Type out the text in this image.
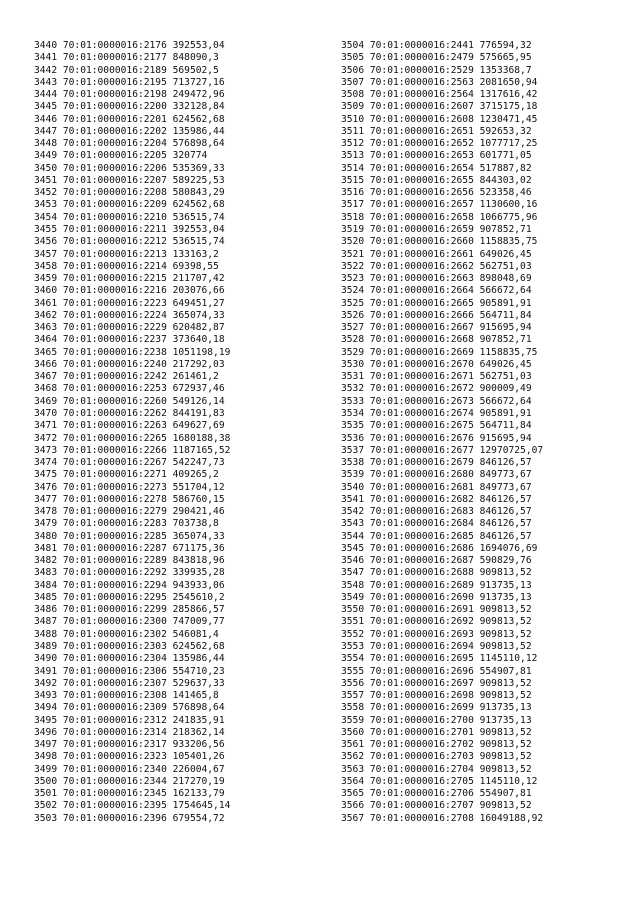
3440 70:01:0000016:2176 392553,04
3441 70:01:0000016:2177 848090,3
3442 70:01:0000016:2189 569502,5
3443 70:01:0000016:2195 713727,16
3444 70:01:0000016:2198 249472,96
3445 70:01:0000016:2200 332128,84
3446 70:01:0000016:2201 624562,68
3447 70:01:0000016:2202 135986,44
3448 70:01:0000016:2204 576898,64
3449 70:01:0000016:2205 320774
3450 70:01:0000016:2206 535369,33
3451 70:01:0000016:2207 589225,53
3452 70:01:0000016:2208 580843,29
3453 70:01:0000016:2209 624562,68
3454 70:01:0000016:2210 536515,74
3455 70:01:0000016:2211 392553,04
3456 70:01:0000016:2212 536515,74
3457 70:01:0000016:2213 133163,2
3458 70:01:0000016:2214 69398,55
3459 70:01:0000016:2215 211707,42
3460 70:01:0000016:2216 203076,66
3461 70:01:0000016:2223 649451,27
3462 70:01:0000016:2224 365074,33
3463 70:01:0000016:2229 620482,87
3464 70:01:0000016:2237 373640,18
3465 70:01:0000016:2238 1051198,19
3466 70:01:0000016:2240 217292,03
3467 70:01:0000016:2242 261461,2
3468 70:01:0000016:2253 672937,46
3469 70:01:0000016:2260 549126,14
3470 70:01:0000016:2262 844191,83
3471 70:01:0000016:2263 649627,69
3472 70:01:0000016:2265 1680188,38
3473 70:01:0000016:2266 1187165,52
3474 70:01:0000016:2267 542247,73
3475 70:01:0000016:2271 409265,2
3476 70:01:0000016:2273 551704,12
3477 70:01:0000016:2278 586760,15
3478 70:01:0000016:2279 290421,46
3479 70:01:0000016:2283 703738,8
3480 70:01:0000016:2285 365074,33
3481 70:01:0000016:2287 671175,36
3482 70:01:0000016:2289 843818,96
3483 70:01:0000016:2292 339935,28
3484 70:01:0000016:2294 943933,06
3485 70:01:0000016:2295 2545610,2
3486 70:01:0000016:2299 285866,57
3487 70:01:0000016:2300 747009,77
3488 70:01:0000016:2302 546081,4
3489 70:01:0000016:2303 624562,68
3490 70:01:0000016:2304 135986,44
3491 70:01:0000016:2306 554710,23
3492 70:01:0000016:2307 529637,33
3493 70:01:0000016:2308 141465,8
3494 70:01:0000016:2309 576898,64
3495 70:01:0000016:2312 241835,91
3496 70:01:0000016:2314 218362,14
3497 70:01:0000016:2317 933206,56
3498 70:01:0000016:2323 105401,26
3499 70:01:0000016:2340 226004,67
3500 70:01:0000016:2344 217270,19
3501 70:01:0000016:2345 162133,79
3502 70:01:0000016:2395 1754645,14
3503 70:01:0000016:2396 679554,72
3504 70:01:0000016:2441 776594,32
3505 70:01:0000016:2479 575665,95
3506 70:01:0000016:2529 1353368,7
3507 70:01:0000016:2563 2081650,94
3508 70:01:0000016:2564 1317616,42
3509 70:01:0000016:2607 3715175,18
3510 70:01:0000016:2608 1230471,45
3511 70:01:0000016:2651 592653,32
3512 70:01:0000016:2652 1077717,25
3513 70:01:0000016:2653 601771,05
3514 70:01:0000016:2654 517887,82
3515 70:01:0000016:2655 844303,02
3516 70:01:0000016:2656 523358,46
3517 70:01:0000016:2657 1130600,16
3518 70:01:0000016:2658 1066775,96
3519 70:01:0000016:2659 907852,71
3520 70:01:0000016:2660 1158835,75
3521 70:01:0000016:2661 649026,45
3522 70:01:0000016:2662 562751,03
3523 70:01:0000016:2663 898048,69
3524 70:01:0000016:2664 566672,64
3525 70:01:0000016:2665 905891,91
3526 70:01:0000016:2666 564711,84
3527 70:01:0000016:2667 915695,94
3528 70:01:0000016:2668 907852,71
3529 70:01:0000016:2669 1158835,75
3530 70:01:0000016:2670 649026,45
3531 70:01:0000016:2671 562751,03
3532 70:01:0000016:2672 900009,49
3533 70:01:0000016:2673 566672,64
3534 70:01:0000016:2674 905891,91
3535 70:01:0000016:2675 564711,84
3536 70:01:0000016:2676 915695,94
3537 70:01:0000016:2677 12970725,07
3538 70:01:0000016:2679 846126,57
3539 70:01:0000016:2680 849773,67
3540 70:01:0000016:2681 849773,67
3541 70:01:0000016:2682 846126,57
3542 70:01:0000016:2683 846126,57
3543 70:01:0000016:2684 846126,57
3544 70:01:0000016:2685 846126,57
3545 70:01:0000016:2686 1694076,69
3546 70:01:0000016:2687 590829,76
3547 70:01:0000016:2688 909813,52
3548 70:01:0000016:2689 913735,13
3549 70:01:0000016:2690 913735,13
3550 70:01:0000016:2691 909813,52
3551 70:01:0000016:2692 909813,52
3552 70:01:0000016:2693 909813,52
3553 70:01:0000016:2694 909813,52
3554 70:01:0000016:2695 1145110,12
3555 70:01:0000016:2696 554907,81
3556 70:01:0000016:2697 909813,52
3557 70:01:0000016:2698 909813,52
3558 70:01:0000016:2699 913735,13
3559 70:01:0000016:2700 913735,13
3560 70:01:0000016:2701 909813,52
3561 70:01:0000016:2702 909813,52
3562 70:01:0000016:2703 909813,52
3563 70:01:0000016:2704 909813,52
3564 70:01:0000016:2705 1145110,12
3565 70:01:0000016:2706 554907,81
3566 70:01:0000016:2707 909813,52
3567 70:01:0000016:2708 16049188,92
